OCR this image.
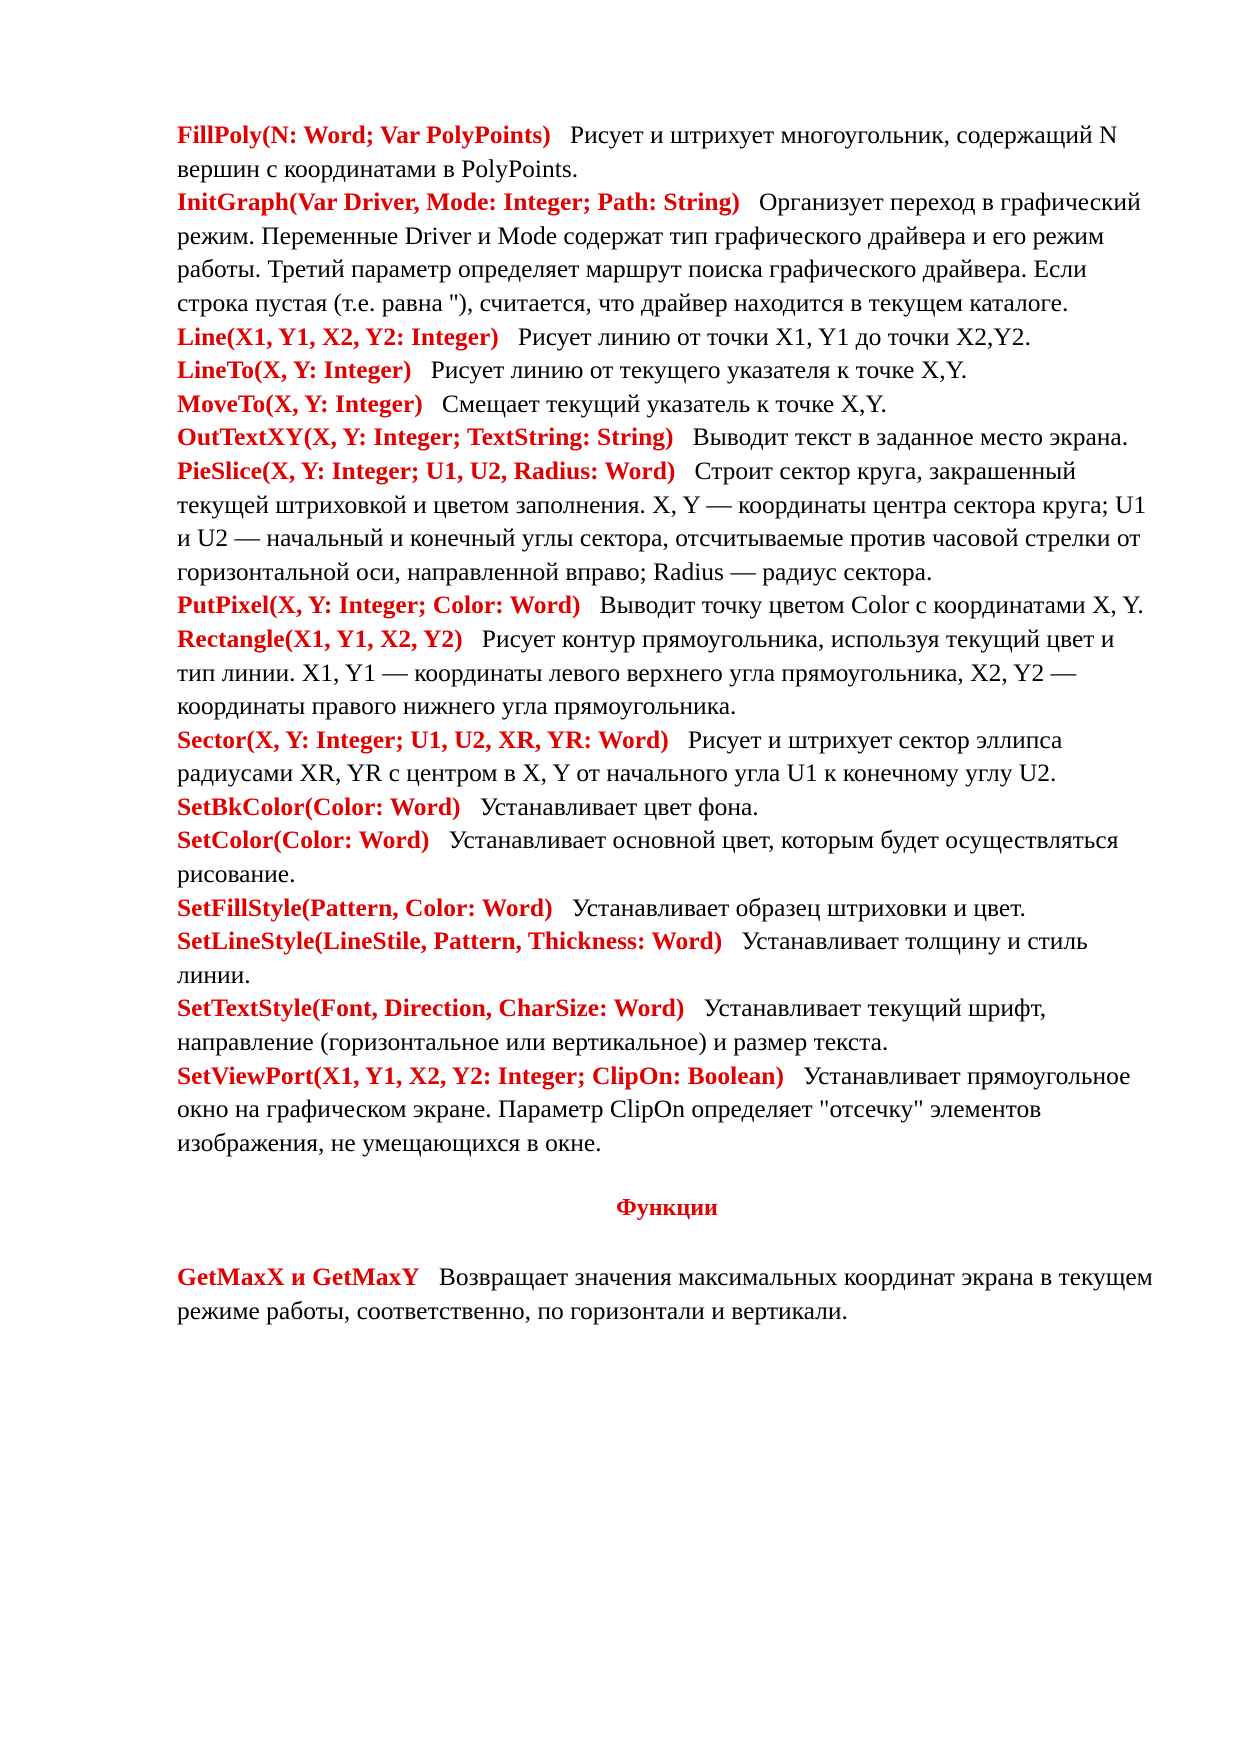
FillPoly(N: Word; Var PolyPoints) Рисует и штрихует многоугольник, содержащий N вершин с координатами в PolyPoints.

InitGraph(Var Driver, Mode: Integer; Path: String) Организует переход в графический режим. Переменные Driver и Mode содержат тип графического драйвера и его режим работы. Третий параметр определяет маршрут поиска графического драйвера. Если строка пустая (т.е. равна ''), считается, что драйвер находится в текущем каталоге.

Line(X1, Y1, X2, Y2: Integer) Рисует линию от точки X1, Y1 до точки X2,Y2.

LineTo(X, Y: Integer) Рисует линию от текущего указателя к точке X,Y.

MoveTo(X, Y: Integer) Смещает текущий указатель к точке X,Y.

OutTextXY(X, Y: Integer; TextString: String) Выводит текст в заданное место экрана.

PieSlice(X, Y: Integer; U1, U2, Radius: Word) Строит сектор круга, закрашенный текущей штриховкой и цветом заполнения. X, Y — координаты центра сектора круга; U1 и U2 — начальный и конечный углы сектора, отсчитываемые против часовой стрелки от горизонтальной оси, направленной вправо; Radius — радиус сектора.

PutPixel(X, Y: Integer; Color: Word) Выводит точку цветом Color с координатами X, Y.

Rectangle(X1, Y1, X2, Y2) Рисует контур прямоугольника, используя текущий цвет и тип линии. X1, Y1 — координаты левого верхнего угла прямоугольника, X2, Y2 — координаты правого нижнего угла прямоугольника.

Sector(X, Y: Integer; U1, U2, XR, YR: Word) Рисует и штрихует сектор эллипса радиусами XR, YR с центром в X, Y от начального угла U1 к конечному углу U2.

SetBkColor(Color: Word) Устанавливает цвет фона.

SetColor(Color: Word) Устанавливает основной цвет, которым будет осуществляться рисование.

SetFillStyle(Pattern, Color: Word) Устанавливает образец штриховки и цвет.

SetLineStyle(LineStile, Pattern, Thickness: Word) Устанавливает толщину и стиль линии.

SetTextStyle(Font, Direction, CharSize: Word) Устанавливает текущий шрифт, направление (горизонтальное или вертикальное) и размер текста.

SetViewPort(X1, Y1, X2, Y2: Integer; ClipOn: Boolean) Устанавливает прямоугольное окно на графическом экране. Параметр ClipOn определяет "отсечку" элементов изображения, не умещающихся в окне.

Функции

GetMaxX и GetMaxY Возвращает значения максимальных координат экрана в текущем режиме работы, соответственно, по горизонтали и вертикали.
